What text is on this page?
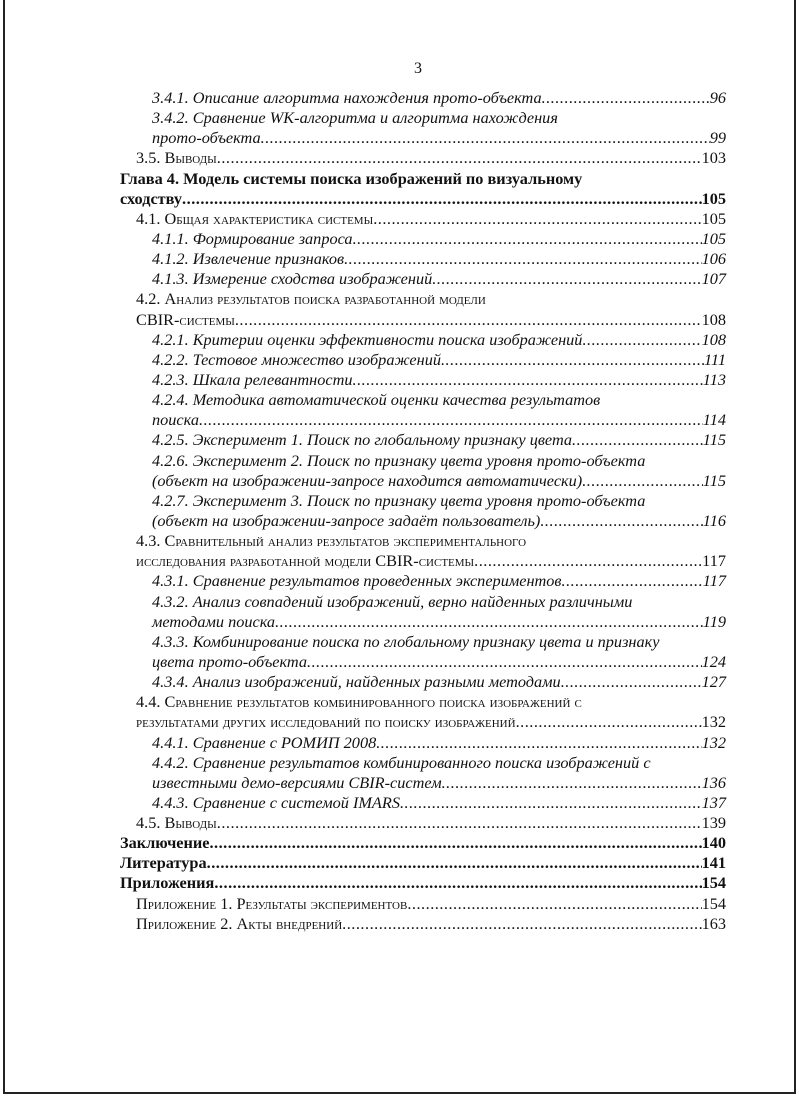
3
3.4.1. Описание алгоритма нахождения прото-объекта .....	96
3.4.2. Сравнение WK-алгоритма и алгоритма нахождения
прото-объекта .....	99
3.5. Выводы .....	103
Глава 4. Модель системы поиска изображений по визуальному
сходству .....	105
4.1. Общая характеристика системы .....	105
4.1.1. Формирование запроса .....	105
4.1.2. Извлечение признаков .....	106
4.1.3. Измерение сходства изображений .....	107
4.2. Анализ результатов поиска разработанной модели
CBIR-системы .....	108
4.2.1. Критерии оценки эффективности поиска изображений .....	108
4.2.2. Тестовое множество изображений .....	111
4.2.3. Шкала релевантности .....	113
4.2.4. Методика автоматической оценки качества результатов
поиска .....	114
4.2.5. Эксперимент 1. Поиск по глобальному признаку цвета .....	115
4.2.6. Эксперимент 2. Поиск по признаку цвета уровня прото-объекта
(объект на изображении-запросе находится автоматически) .....	115
4.2.7. Эксперимент 3. Поиск по признаку цвета уровня прото-объекта
(объект на изображении-запросе задаёт пользователь) .....	116
4.3. Сравнительный анализ результатов экспериментального
исследования разработанной модели CBIR-системы .....	117
4.3.1. Сравнение результатов проведенных экспериментов .....	117
4.3.2. Анализ совпадений изображений, верно найденных различными
методами поиска .....	119
4.3.3. Комбинирование поиска по глобальному признаку цвета и признаку
цвета прото-объекта .....	124
4.3.4. Анализ изображений, найденных разными методами .....	127
4.4. Сравнение результатов комбинированного поиска изображений с
результатами других исследований по поиску изображений .....	132
4.4.1. Сравнение с РОМИП 2008 .....	132
4.4.2. Сравнение результатов комбинированного поиска изображений с
известными демо-версиями CBIR-систем .....	136
4.4.3. Сравнение с системой IMARS .....	137
4.5. Выводы .....	139
Заключение .....	140
Литература .....	141
Приложения .....	154
Приложение 1. Результаты экспериментов .....	154
Приложение 2. Акты внедрений .....	163
